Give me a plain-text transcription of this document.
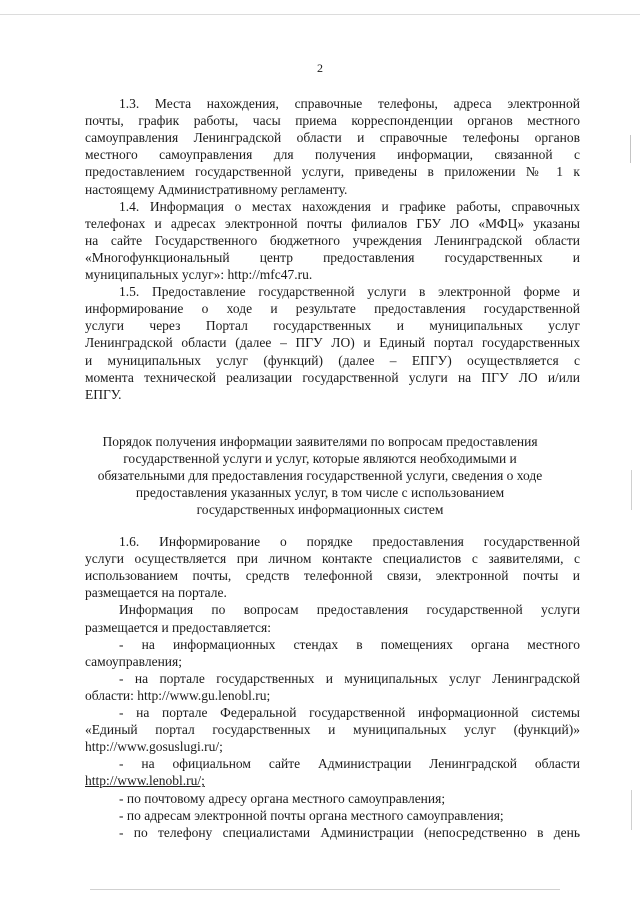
2

1.3. Места нахождения, справочные телефоны, адреса электронной

почты, график работы, часы приема корреспонденции органов местного

самоуправления Ленинградской области и справочные телефоны органов

местного самоуправления для получения информации, связанной с

предоставлением государственной услуги, приведены в приложении № 1 к

настоящему Административному регламенту.

1.4. Информация о местах нахождения и графике работы, справочных

телефонах и адресах электронной почты филиалов ГБУ ЛО «МФЦ» указаны

на сайте Государственного бюджетного учреждения Ленинградской области

«Многофункциональный центр предоставления государственных и

муниципальных услуг»: http://mfc47.ru.

1.5. Предоставление государственной услуги в электронной форме и

информирование о ходе и результате предоставления государственной

услуги через Портал государственных и муниципальных услуг

Ленинградской области (далее – ПГУ ЛО) и Единый портал государственных

и муниципальных услуг (функций) (далее – ЕПГУ) осуществляется с

момента технической реализации государственной услуги на ПГУ ЛО и/или

ЕПГУ.

Порядок получения информации заявителями по вопросам предоставления

государственной услуги и услуг, которые являются необходимыми и

обязательными для предоставления государственной услуги, сведения о ходе

предоставления указанных услуг, в том числе с использованием

государственных информационных систем

1.6. Информирование о порядке предоставления государственной

услуги осуществляется при личном контакте специалистов с заявителями, с

использованием почты, средств телефонной связи, электронной почты и

размещается на портале.

Информация по вопросам предоставления государственной услуги

размещается и предоставляется:

- на информационных стендах в помещениях органа местного

самоуправления;

- на портале государственных и муниципальных услуг Ленинградской

области: http://www.gu.lenobl.ru;

- на портале Федеральной государственной информационной системы

«Единый портал государственных и муниципальных услуг (функций)»

http://www.gosuslugi.ru/;

- на официальном сайте Администрации Ленинградской области

http://www.lenobl.ru/;

- по почтовому адресу органа местного самоуправления;

- по адресам электронной почты органа местного самоуправления;

- по телефону специалистами Администрации (непосредственно в день
